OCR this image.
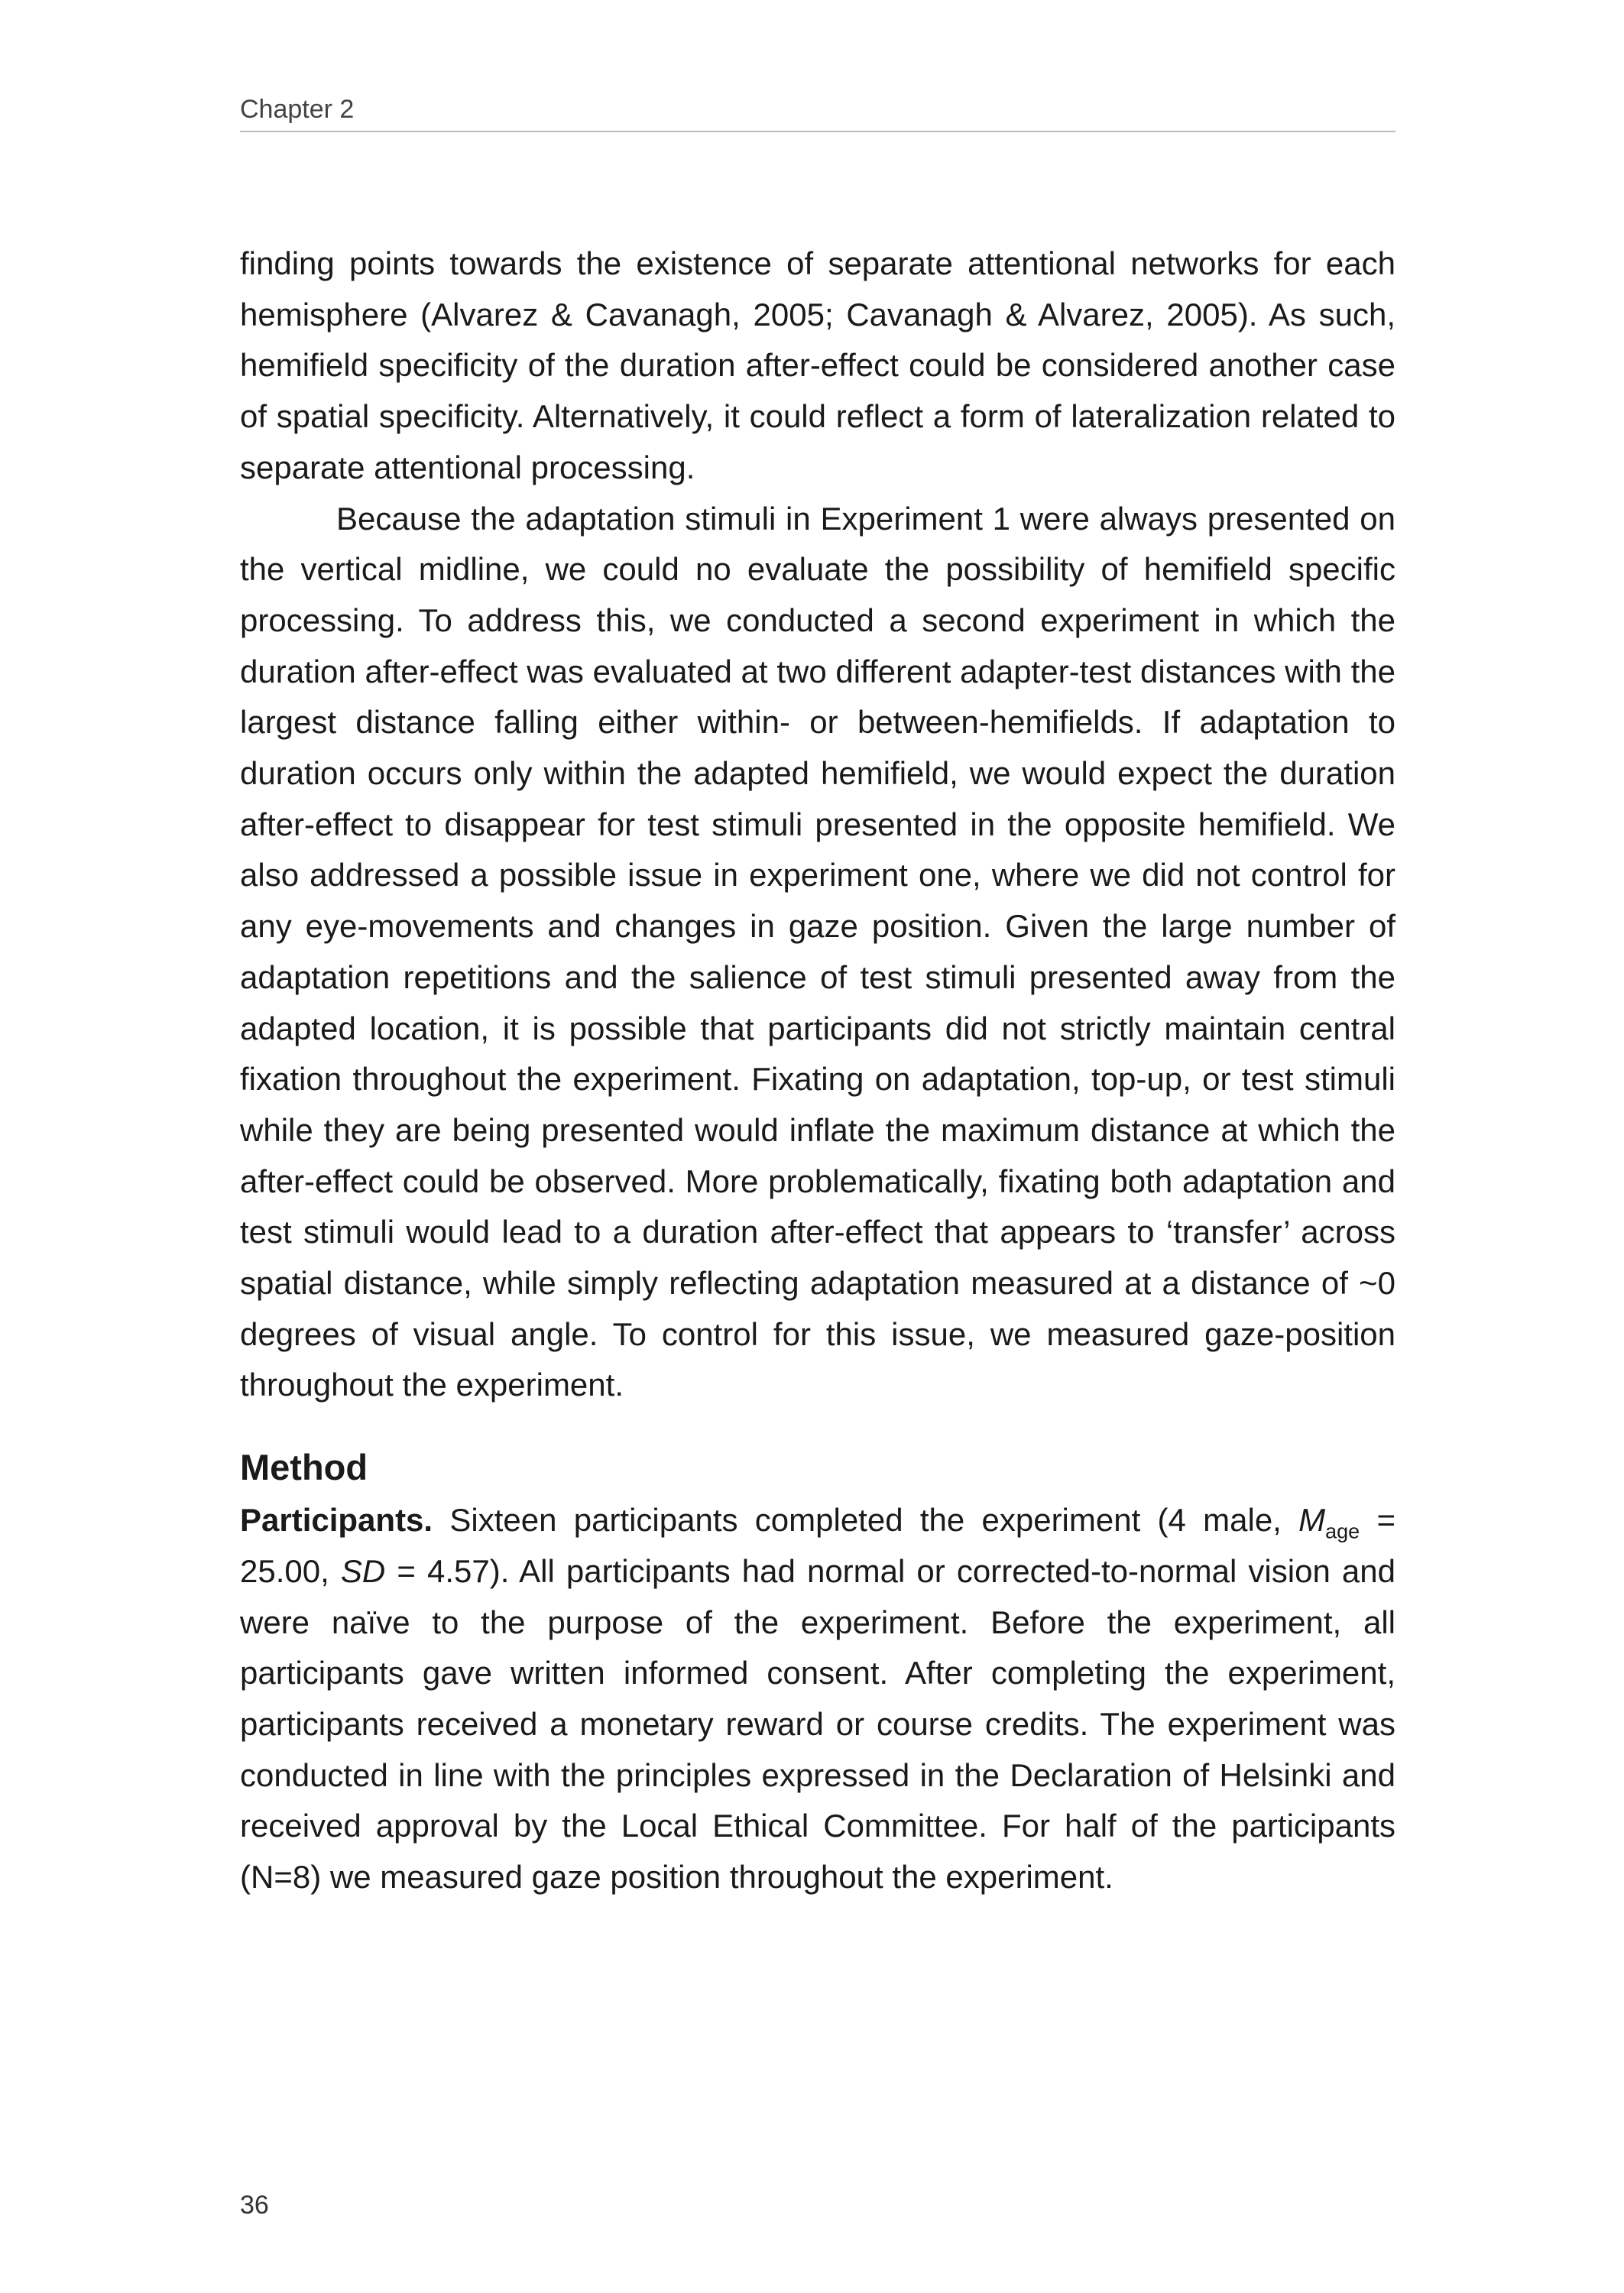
Chapter 2

finding points towards the existence of separate attentional networks for each hemisphere (Alvarez & Cavanagh, 2005; Cavanagh & Alvarez, 2005). As such, hemifield specificity of the duration after-effect could be considered another case of spatial specificity. Alternatively, it could reflect a form of lateralization related to separate attentional processing.

Because the adaptation stimuli in Experiment 1 were always presented on the vertical midline, we could no evaluate the possibility of hemifield specific processing. To address this, we conducted a second experiment in which the duration after-effect was evaluated at two different adapter-test distances with the largest distance falling either within- or between-hemifields. If adaptation to duration occurs only within the adapted hemifield, we would expect the duration after-effect to disappear for test stimuli presented in the opposite hemifield. We also addressed a possible issue in experiment one, where we did not control for any eye-movements and changes in gaze position. Given the large number of adaptation repetitions and the salience of test stimuli presented away from the adapted location, it is possible that participants did not strictly maintain central fixation throughout the experiment. Fixating on adaptation, top-up, or test stimuli while they are being presented would inflate the maximum distance at which the after-effect could be observed. More problematically, fixating both adaptation and test stimuli would lead to a duration after-effect that appears to ‘transfer’ across spatial distance, while simply reflecting adaptation measured at a distance of ~0 degrees of visual angle. To control for this issue, we measured gaze-position throughout the experiment.

Method

Participants. Sixteen participants completed the experiment (4 male, $M_{age} = 25.00$, SD = 4.57). All participants had normal or corrected-to-normal vision and were naïve to the purpose of the experiment. Before the experiment, all participants gave written informed consent. After completing the experiment, participants received a monetary reward or course credits. The experiment was conducted in line with the principles expressed in the Declaration of Helsinki and received approval by the Local Ethical Committee. For half of the participants (N=8) we measured gaze position throughout the experiment.

36
